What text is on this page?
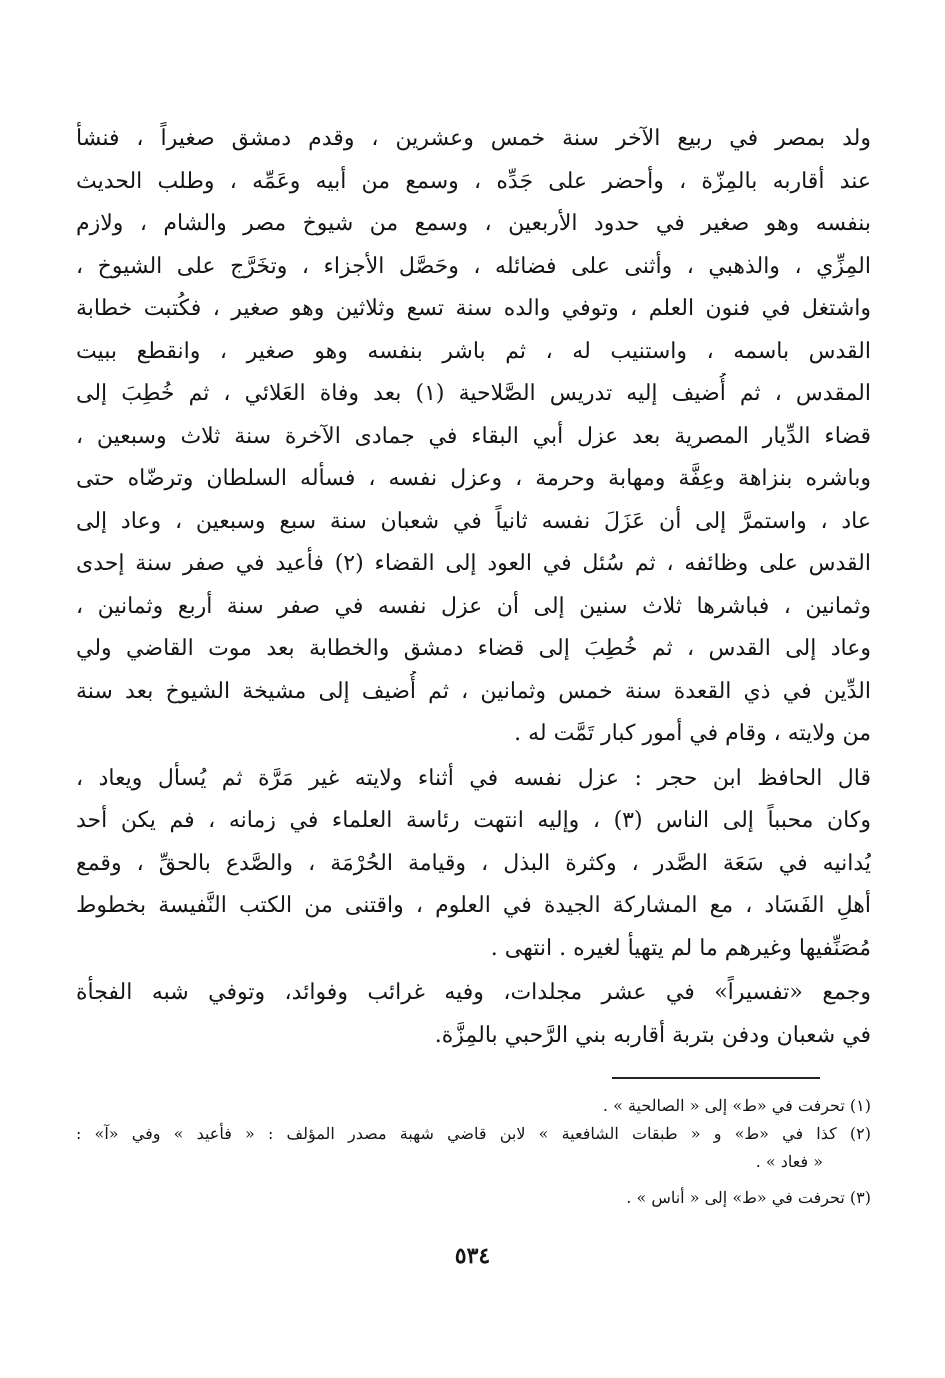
ولد بمصر في ربيع الآخر سنة خمس وعشرين ، وقدم دمشق صغيراً ، فنشأ
عند أقاربه بالمِزّة ، وأحضر على جَدِّه ، وسمع من أبيه وعَمِّه ، وطلب الحديث
بنفسه وهو صغير في حدود الأربعين ، وسمع من شيوخ مصر والشام ، ولازم
المِزِّي ، والذهبي ، وأثنى على فضائله ، وحَصَّل الأجزاء ، وتخَرَّج على الشيوخ ،
واشتغل في فنون العلم ، وتوفي والده سنة تسع وثلاثين وهو صغير ، فكُتبت خطابة
القدس باسمه ، واستنيب له ، ثم باشر بنفسه وهو صغير ، وانقطع ببيت
المقدس ، ثم أُضيف إليه تدريس الصَّلاحية (١) بعد وفاة العَلائي ، ثم خُطِبَ إلى
قضاء الدِّيار المصرية بعد عزل أبي البقاء في جمادى الآخرة سنة ثلاث وسبعين ،
وباشره بنزاهة وعِفَّة ومهابة وحرمة ، وعزل نفسه ، فسأله السلطان وترضّاه حتى
عاد ، واستمرَّ إلى أن عَزَلَ نفسه ثانياً في شعبان سنة سبع وسبعين ، وعاد إلى
القدس على وظائفه ، ثم سُئل في العود إلى القضاء (٢) فأعيد في صفر سنة إحدى
وثمانين ، فباشرها ثلاث سنين إلى أن عزل نفسه في صفر سنة أربع وثمانين ،
وعاد إلى القدس ، ثم خُطِبَ إلى قضاء دمشق والخطابة بعد موت القاضي ولي
الدِّين في ذي القعدة سنة خمس وثمانين ، ثم أُضيف إلى مشيخة الشيوخ بعد سنة
من ولايته ، وقام في أمور كبار تَمَّت له .
قال الحافظ ابن حجر : عزل نفسه في أثناء ولايته غير مَرَّة ثم يُسأل ويعاد ،
وكان محبباً إلى الناس (٣) ، وإليه انتهت رئاسة العلماء في زمانه ، فم يكن أحد
يُدانيه في سَعَة الصَّدر ، وكثرة البذل ، وقيامة الحُرْمَة ، والصَّدع بالحقِّ ، وقمع
أهلِ الفَسَاد ، مع المشاركة الجيدة في العلوم ، واقتنى من الكتب النَّفيسة بخطوط
مُصَنِّفيها وغيرهم ما لم يتهيأ لغيره . انتهى .
وجمع «تفسيراً» في عشر مجلدات، وفيه غرائب وفوائد، وتوفي شبه الفجأة
في شعبان ودفن بتربة أقاربه بني الرَّحبي بالمِزَّة.
(١) تحرفت في «ط» إلى « الصالحية » .
(٢) كذا في «ط» و « طبقات الشافعية » لابن قاضي شهبة مصدر المؤلف : « فأعيد » وفي «آ» :
« فعاد » .
(٣) تحرفت في «ط» إلى « أناس » .
٥٣٤
